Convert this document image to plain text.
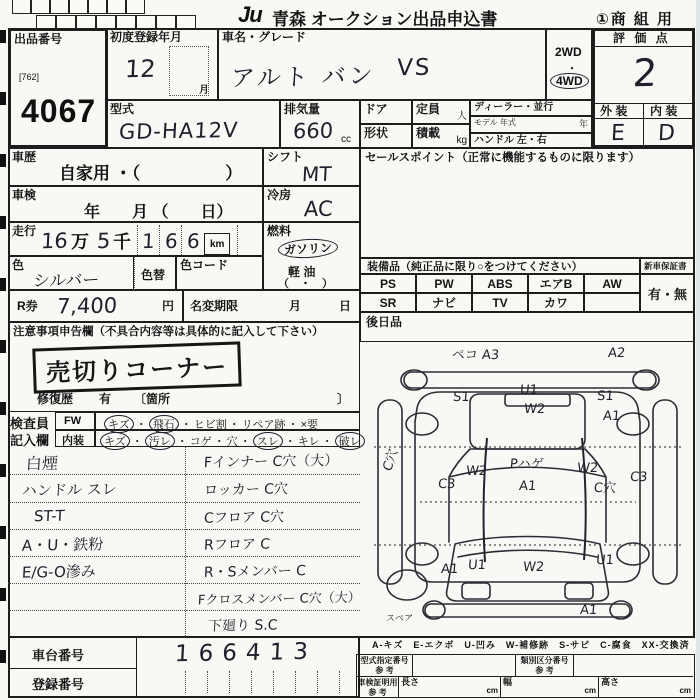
Ju 青森 オークション出品申込書	①商 組 用
出品番号
[762]
4067
初度登録年月
12
月
車名・グレード
アルト バン VS
2WD
・
4WD
評 価 点
2
外 装 内 装
E D
型式
GD-HA12V
排気量
660 cc
ドア 定員
人
形状 積載
kg
ディーラー・並行
モデル 年式	年
ハンドル 左・右
車歴
自家用 ・（　　　　　）
シフト
MT
車検
年　　月 （　　日）
冷房
AC
走行 16 万 5 千 1 6 6 km
燃料
ガソリン
軽 油
（　・　）
色
シルバー	色替
色コード
R券 7,400	円 名変期限	月	日
注意事項申告欄（不具合内容等は具体的に記入して下さい）
売切りコーナー
修復歴 有 〔箇所	〕
検査員
記入欄
FW
内装
キズ ・ 飛石 ・ ヒビ割 ・ リペア跡 ・ ×要
キズ ・ 汚レ ・ コゲ ・ 穴 ・ スレ ・ キレ ・ 破レ
白煙
ハンドル スレ
ST-T
A・U・鉄粉
E/G-O滲み
Fインナー C穴（大）
ロッカー C穴
Cフロア C穴
Rフロア C
R・Sメンバー C
Fクロスメンバー C穴（大）
下廻り S.C
セールスポイント（正常に機能するものに限ります）
装備品（純正品に限り○をつけてください）
PS	PW	ABS	エアB	AW
SR	ナビ	TV	カワ
新車保証書
有・無
後日品
ペコ A3	A2
S1	U1
W2
S1
A1
C穴
C3
W2 Pハゲ
A1
W2
C穴
C3
A1 U1	W2	U1
A1
スペア
A-キズ　E-エクボ　U-凹み　W-補修跡　S-サビ　C-腐食　XX-交換済
車台番号	166413
登録番号
型式指定番号
参 考
類別区分番号
参 考
車検証明用
参 考
長さ
cm
幅
cm
高さ
cm
